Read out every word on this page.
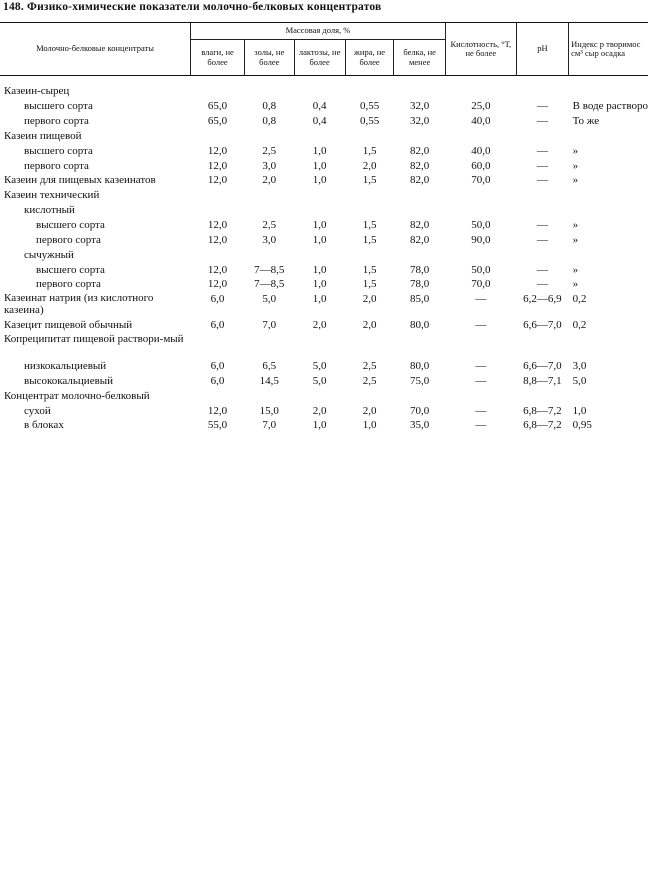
148. Физико-химические показатели молочно-белковых концентратов
Молочно-белковые концентраты	Массовая доля, %					Кислотность, °Т, не более	pH	Индекс р творимос см³ сыр осадка
	влаги, не более	золы, не более	лактозы, не более	жира, не более	белка, не менее			
Казеин-сырец								
высшего сорта	65,0	0,8	0,4	0,55	32,0	25,0	—	В воде растворо
первого сорта	65,0	0,8	0,4	0,55	32,0	40,0	—	То же
Казеин пищевой								
высшего сорта	12,0	2,5	1,0	1,5	82,0	40,0	—	»
первого сорта	12,0	3,0	1,0	2,0	82,0	60,0	—	»
Казеин для пищевых казеинатов	12,0	2,0	1,0	1,5	82,0	70,0	—	»
Казеин технический								
кислотный								
высшего сорта	12,0	2,5	1,0	1,5	82,0	50,0	—	»
первого сорта	12,0	3,0	1,0	1,5	82,0	90,0	—	»
сычужный								
высшего сорта	12,0	7—8,5	1,0	1,5	78,0	50,0	—	»
первого сорта	12,0	7—8,5	1,0	1,5	78,0	70,0	—	»
Казеинат натрия (из кислотного казеина)	6,0	5,0	1,0	2,0	85,0	—	6,2—6,9	0,2
Казецит пищевой обычный	6,0	7,0	2,0	2,0	80,0	—	6,6—7,0	0,2
Копреципитат пищевой раствори-мый								
низкокальциевый	6,0	6,5	5,0	2,5	80,0	—	6,6—7,0	3,0
высококальциевый	6,0	14,5	5,0	2,5	75,0	—	8,8—7,1	5,0
Концентрат молочно-белковый								
сухой	12,0	15,0	2,0	2,0	70,0	—	6,8—7,2	1,0
в блоках	55,0	7,0	1,0	1,0	35,0	—	6,8—7,2	0,95
